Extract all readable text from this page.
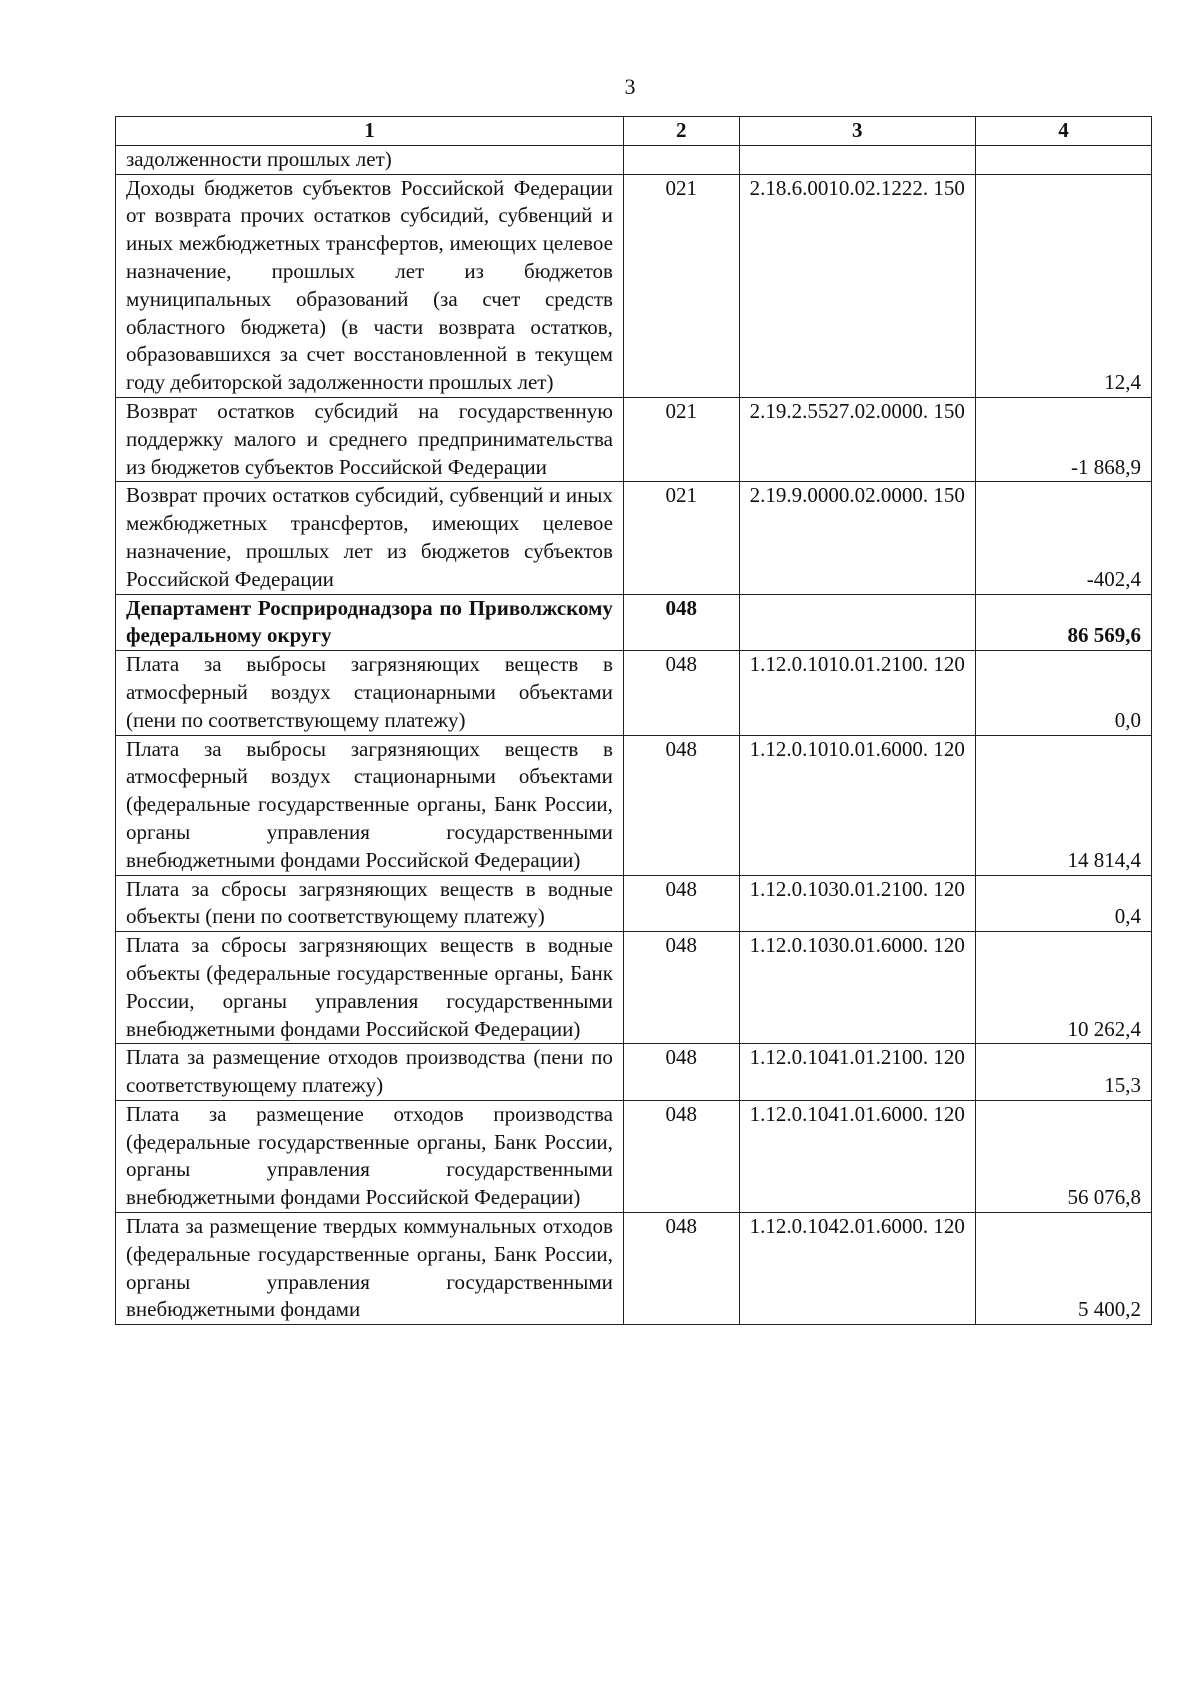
3
1	2	3	4
задолженности прошлых лет)			
Доходы бюджетов субъектов Российской Федерации от возврата прочих остатков субсидий, субвенций и иных межбюджетных трансфертов, имеющих целевое назначение, прошлых лет из бюджетов муниципальных образований (за счет средств областного бюджета) (в части возврата остатков, образовавшихся за счет восстановленной в текущем году дебиторской задолженности прошлых лет)	021	2.18.6.0010.02.1222. 150	12,4
Возврат остатков субсидий на государственную поддержку малого и среднего предпринимательства из бюджетов субъектов Российской Федерации	021	2.19.2.5527.02.0000. 150	-1 868,9
Возврат прочих остатков субсидий, субвенций и иных межбюджетных трансфертов, имеющих целевое назначение, прошлых лет из бюджетов субъектов Российской Федерации	021	2.19.9.0000.02.0000. 150	-402,4
Департамент Росприроднадзора по Приволжскому федеральному округу	048		86 569,6
Плата за выбросы загрязняющих веществ в атмосферный воздух стационарными объектами (пени по соответствующему платежу)	048	1.12.0.1010.01.2100. 120	0,0
Плата за выбросы загрязняющих веществ в атмосферный воздух стационарными объектами (федеральные государственные органы, Банк России, органы управления государственными внебюджетными фондами Российской Федерации)	048	1.12.0.1010.01.6000. 120	14 814,4
Плата за сбросы загрязняющих веществ в водные объекты (пени по соответствующему платежу)	048	1.12.0.1030.01.2100. 120	0,4
Плата за сбросы загрязняющих веществ в водные объекты (федеральные государственные органы, Банк России, органы управления государственными внебюджетными фондами Российской Федерации)	048	1.12.0.1030.01.6000. 120	10 262,4
Плата за размещение отходов производства (пени по соответствующему платежу)	048	1.12.0.1041.01.2100. 120	15,3
Плата за размещение отходов производства (федеральные государственные органы, Банк России, органы управления государственными внебюджетными фондами Российской Федерации)	048	1.12.0.1041.01.6000. 120	56 076,8
Плата за размещение твердых коммунальных отходов (федеральные государственные органы, Банк России, органы управления государственными внебюджетными фондами	048	1.12.0.1042.01.6000. 120	5 400,2
